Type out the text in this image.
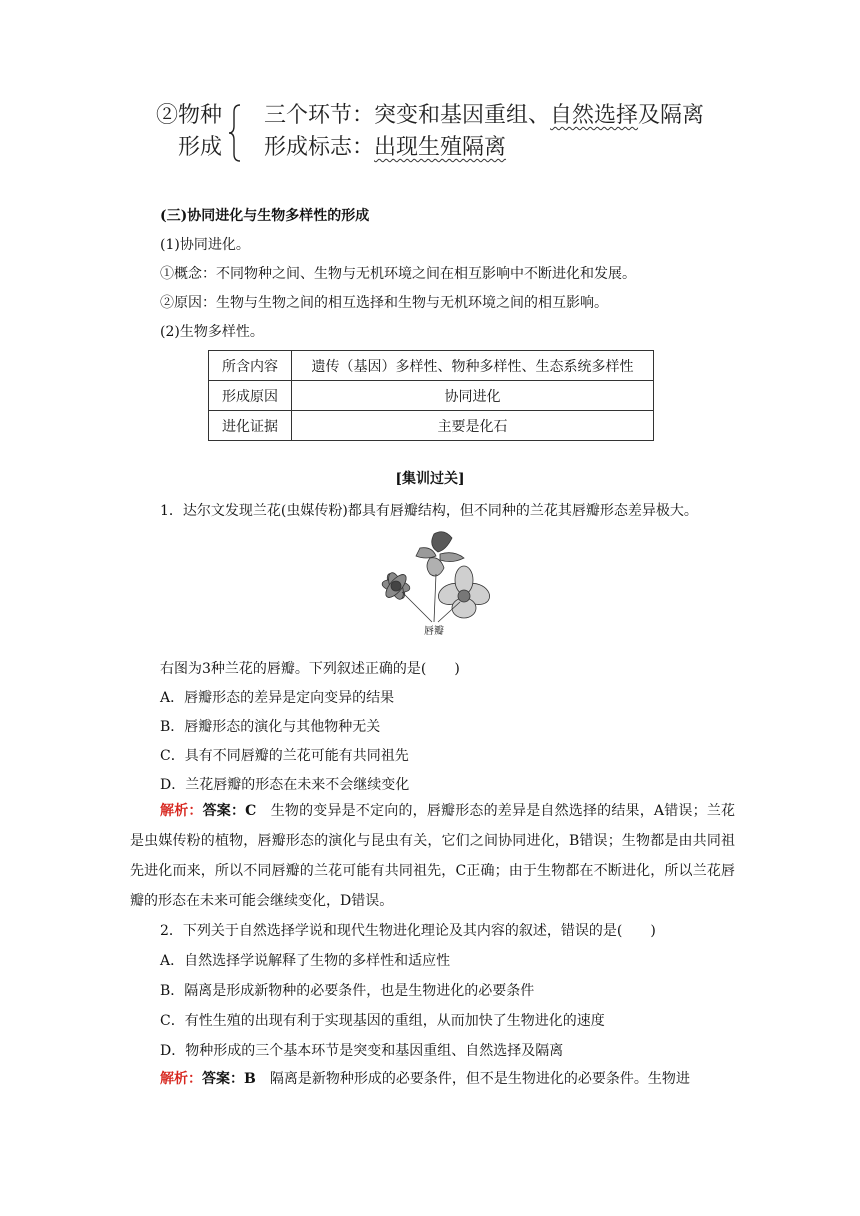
②物种
形成
三个环节：突变和基因重组、自然选择及隔离
形成标志：出现生殖隔离
(三)协同进化与生物多样性的形成
(1)协同进化。
①概念：不同物种之间、生物与无机环境之间在相互影响中不断进化和发展。
②原因：生物与生物之间的相互选择和生物与无机环境之间的相互影响。
(2)生物多样性。
所含内容	遗传（基因）多样性、物种多样性、生态系统多样性
形成原因	协同进化
进化证据	主要是化石
[集训过关]
1．达尔文发现兰花(虫媒传粉)都具有唇瓣结构，但不同种的兰花其唇瓣形态差异极大。
唇瓣
右图为3种兰花的唇瓣。下列叙述正确的是(　　)
A．唇瓣形态的差异是定向变异的结果
B．唇瓣形态的演化与其他物种无关
C．具有不同唇瓣的兰花可能有共同祖先
D．兰花唇瓣的形态在未来不会继续变化
解析：答案：C　生物的变异是不定向的，唇瓣形态的差异是自然选择的结果，A错误；兰花是虫媒传粉的植物，唇瓣形态的演化与昆虫有关，它们之间协同进化，B错误；生物都是由共同祖先进化而来，所以不同唇瓣的兰花可能有共同祖先，C正确；由于生物都在不断进化，所以兰花唇瓣的形态在未来可能会继续变化，D错误。
2．下列关于自然选择学说和现代生物进化理论及其内容的叙述，错误的是(　　)
A．自然选择学说解释了生物的多样性和适应性
B．隔离是形成新物种的必要条件，也是生物进化的必要条件
C．有性生殖的出现有利于实现基因的重组，从而加快了生物进化的速度
D．物种形成的三个基本环节是突变和基因重组、自然选择及隔离
解析：答案：B　隔离是新物种形成的必要条件，但不是生物进化的必要条件。生物进
